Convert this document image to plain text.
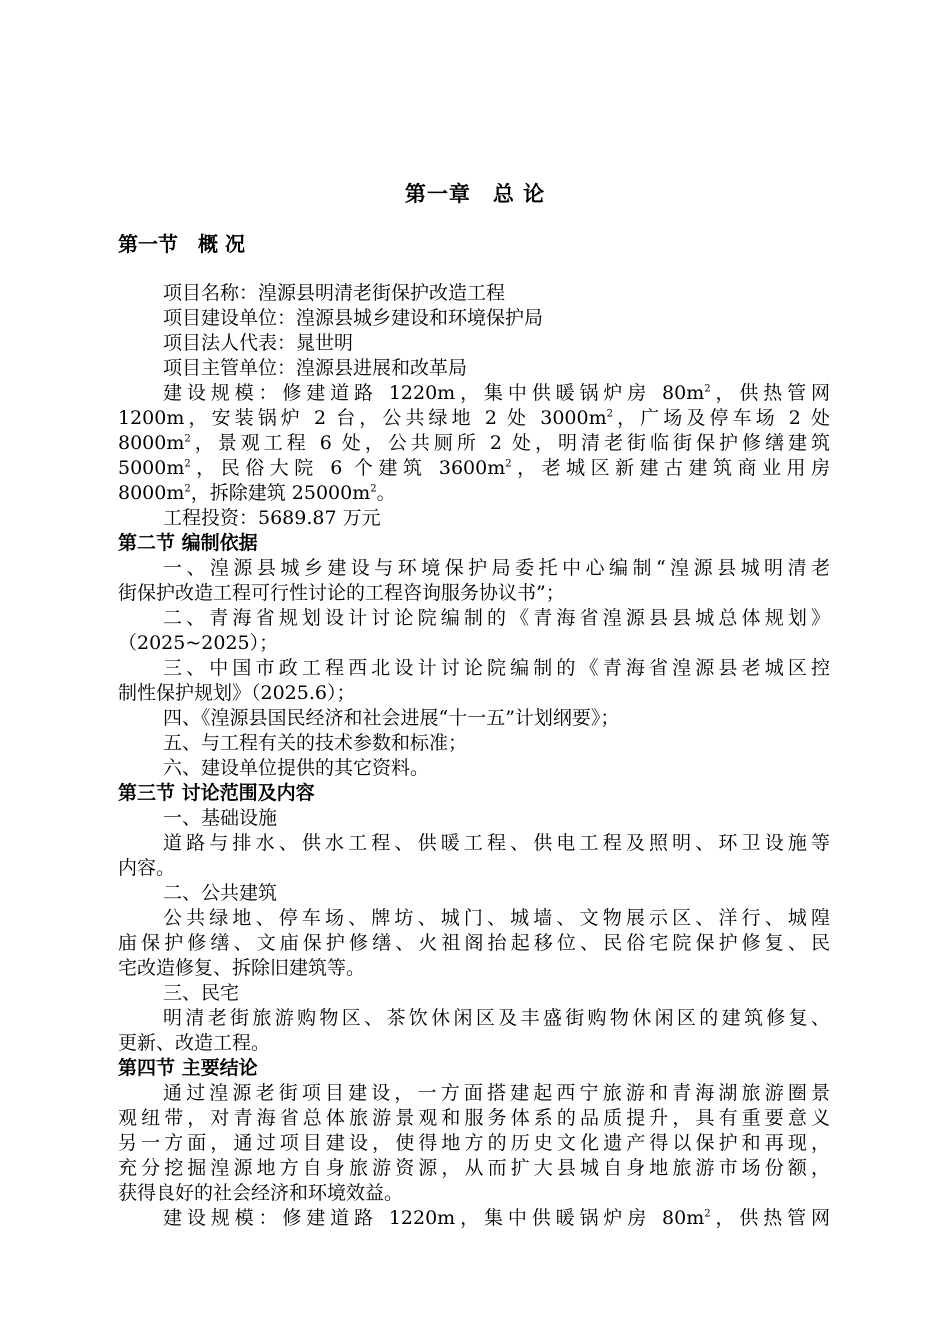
第一章　总 论
第一节　概 况
项目名称：湟源县明清老街保护改造工程
项目建设单位：湟源县城乡建设和环境保护局
项目法人代表：晁世明
项目主管单位：湟源县进展和改革局
建设规模：修建道路 1220m，集中供暖锅炉房 $80m^2$，供热管网
1200m，安装锅炉 2 台，公共绿地 2 处 $3000m^2$，广场及停车场 2 处
$8000m^2$，景观工程 6 处，公共厕所 2 处，明清老街临街保护修缮建筑
$5000m^2$，民俗大院 6 个建筑 $3600m^2$，老城区新建古建筑商业用房
$8000m^2$，拆除建筑 $25000m^2$。
工程投资：5689.87 万元
第二节 编制依据
一、湟源县城乡建设与环境保护局委托中心编制“湟源县城明清老
街保护改造工程可行性讨论的工程咨询服务协议书”；
二、青海省规划设计讨论院编制的《青海省湟源县县城总体规划》
（2025~2025）；
三、中国市政工程西北设计讨论院编制的《青海省湟源县老城区控
制性保护规划》（2025.6）；
四、《湟源县国民经济和社会进展“十一五”计划纲要》；
五、与工程有关的技术参数和标准；
六、建设单位提供的其它资料。
第三节 讨论范围及内容
一、基础设施
道路与排水、供水工程、供暖工程、供电工程及照明、环卫设施等
内容。
二、公共建筑
公共绿地、停车场、牌坊、城门、城墙、文物展示区、洋行、城隍
庙保护修缮、文庙保护修缮、火祖阁抬起移位、民俗宅院保护修复、民
宅改造修复、拆除旧建筑等。
三、民宅
明清老街旅游购物区、茶饮休闲区及丰盛街购物休闲区的建筑修复、
更新、改造工程。
第四节 主要结论
通过湟源老街项目建设，一方面搭建起西宁旅游和青海湖旅游圈景
观纽带，对青海省总体旅游景观和服务体系的品质提升，具有重要意义
另一方面，通过项目建设，使得地方的历史文化遗产得以保护和再现，
充分挖掘湟源地方自身旅游资源，从而扩大县城自身地旅游市场份额，
获得良好的社会经济和环境效益。
建设规模：修建道路 1220m，集中供暖锅炉房 $80m^2$，供热管网
